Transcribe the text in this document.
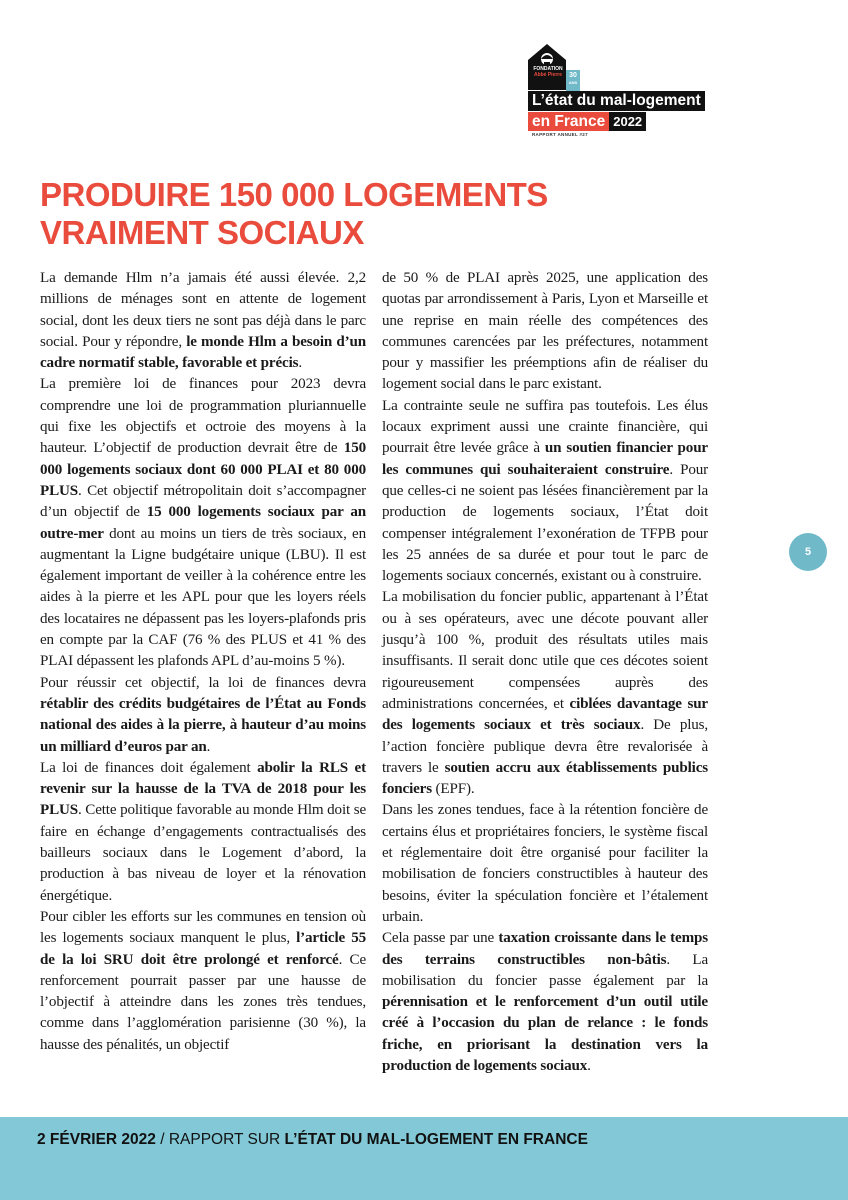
FONDATION
Abbé Pierre	30
ANS
L’état du mal-logement
en France 2022
RAPPORT ANNUEL #27
PRODUIRE 150 000 LOGEMENTS
VRAIMENT SOCIAUX

La demande Hlm n’a jamais été aussi élevée. 2,2 millions de ménages sont en attente de logement social, dont les deux tiers ne sont pas déjà dans le parc social. Pour y répondre, le monde Hlm a besoin d’un cadre normatif stable, favorable et précis.

La première loi de finances pour 2023 devra comprendre une loi de programmation pluriannuelle qui fixe les objectifs et octroie des moyens à la hauteur. L’objectif de production devrait être de 150 000 logements sociaux dont 60 000 PLAI et 80 000 PLUS. Cet objectif métropolitain doit s’accompagner d’un objectif de 15 000 logements sociaux par an outre-mer dont au moins un tiers de très sociaux, en augmentant la Ligne budgétaire unique (LBU). Il est également important de veiller à la cohérence entre les aides à la pierre et les APL pour que les loyers réels des locataires ne dépassent pas les loyers-plafonds pris en compte par la CAF (76 % des PLUS et 41 % des PLAI dépassent les plafonds APL d’au-moins 5 %).

Pour réussir cet objectif, la loi de finances devra rétablir des crédits budgétaires de l’État au Fonds national des aides à la pierre, à hauteur d’au moins un milliard d’euros par an.

La loi de finances doit également abolir la RLS et revenir sur la hausse de la TVA de 2018 pour les PLUS. Cette politique favorable au monde Hlm doit se faire en échange d’engagements contractualisés des bailleurs sociaux dans le Logement d’abord, la production à bas niveau de loyer et la rénovation énergétique.

Pour cibler les efforts sur les communes en tension où les logements sociaux manquent le plus, l’article 55 de la loi SRU doit être prolongé et renforcé. Ce renforcement pourrait passer par une hausse de l’objectif à atteindre dans les zones très tendues, comme dans l’agglomération parisienne (30 %), la hausse des pénalités, un objectif

de 50 % de PLAI après 2025, une application des quotas par arrondissement à Paris, Lyon et Marseille et une reprise en main réelle des compétences des communes carencées par les préfectures, notamment pour y massifier les préemptions afin de réaliser du logement social dans le parc existant.

La contrainte seule ne suffira pas toutefois. Les élus locaux expriment aussi une crainte financière, qui pourrait être levée grâce à un soutien financier pour les communes qui souhaiteraient construire. Pour que celles-ci ne soient pas lésées financièrement par la production de logements sociaux, l’État doit compenser intégralement l’exonération de TFPB pour les 25 années de sa durée et pour tout le parc de logements sociaux concernés, existant ou à construire.

La mobilisation du foncier public, appartenant à l’État ou à ses opérateurs, avec une décote pouvant aller jusqu’à 100 %, produit des résultats utiles mais insuffisants. Il serait donc utile que ces décotes soient rigoureusement compensées auprès des administrations concernées, et ciblées davantage sur des logements sociaux et très sociaux. De plus, l’action foncière publique devra être revalorisée à travers le soutien accru aux établissements publics fonciers (EPF).

Dans les zones tendues, face à la rétention foncière de certains élus et propriétaires fonciers, le système fiscal et réglementaire doit être organisé pour faciliter la mobilisation de fonciers constructibles à hauteur des besoins, éviter la spéculation foncière et l’étalement urbain.

Cela passe par une taxation croissante dans le temps des terrains constructibles non-bâtis. La mobilisation du foncier passe également par la pérennisation et le renforcement d’un outil utile créé à l’occasion du plan de relance : le fonds friche, en priorisant la destination vers la production de logements sociaux.

5
2 FÉVRIER 2022 / RAPPORT SUR L’ÉTAT DU MAL-LOGEMENT EN FRANCE
